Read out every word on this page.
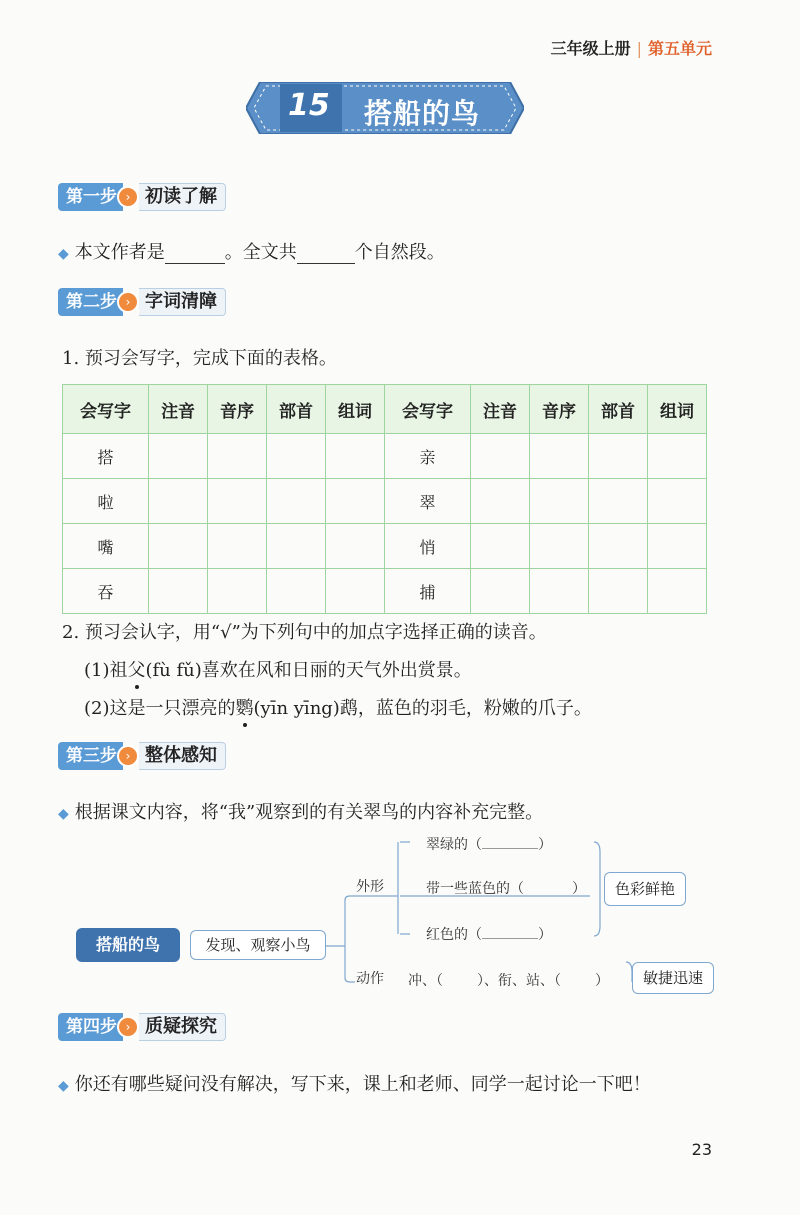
三年级上册 | 第五单元
15 搭船的鸟
第一步 › 初读了解
◆ 本文作者是	。全文共	个自然段。
第二步 › 字词清障
1. 预习会写字，完成下面的表格。
会写字	注音	音序	部首	组词	会写字	注音	音序	部首	组词
搭					亲				
啦					翠				
嘴					悄				
吞					捕				
2. 预习会认字，用“√”为下列句中的加点字选择正确的读音。
(1)祖父(fù fǔ)喜欢在风和日丽的天气外出赏景。
(2)这是一只漂亮的鹦(yīn yīng)鹉，蓝色的羽毛，粉嫩的爪子。
第三步 › 整体感知
◆ 根据课文内容，将“我”观察到的有关翠鸟的内容补充完整。
搭船的鸟	发现、观察小鸟
外形
翠绿的（	）
带一些蓝色的（	）
红色的（	）
色彩鲜艳
动作 冲、（ ）、衔、站、（ ）	敏捷迅速
第四步 › 质疑探究
◆ 你还有哪些疑问没有解决，写下来，课上和老师、同学一起讨论一下吧！
23
